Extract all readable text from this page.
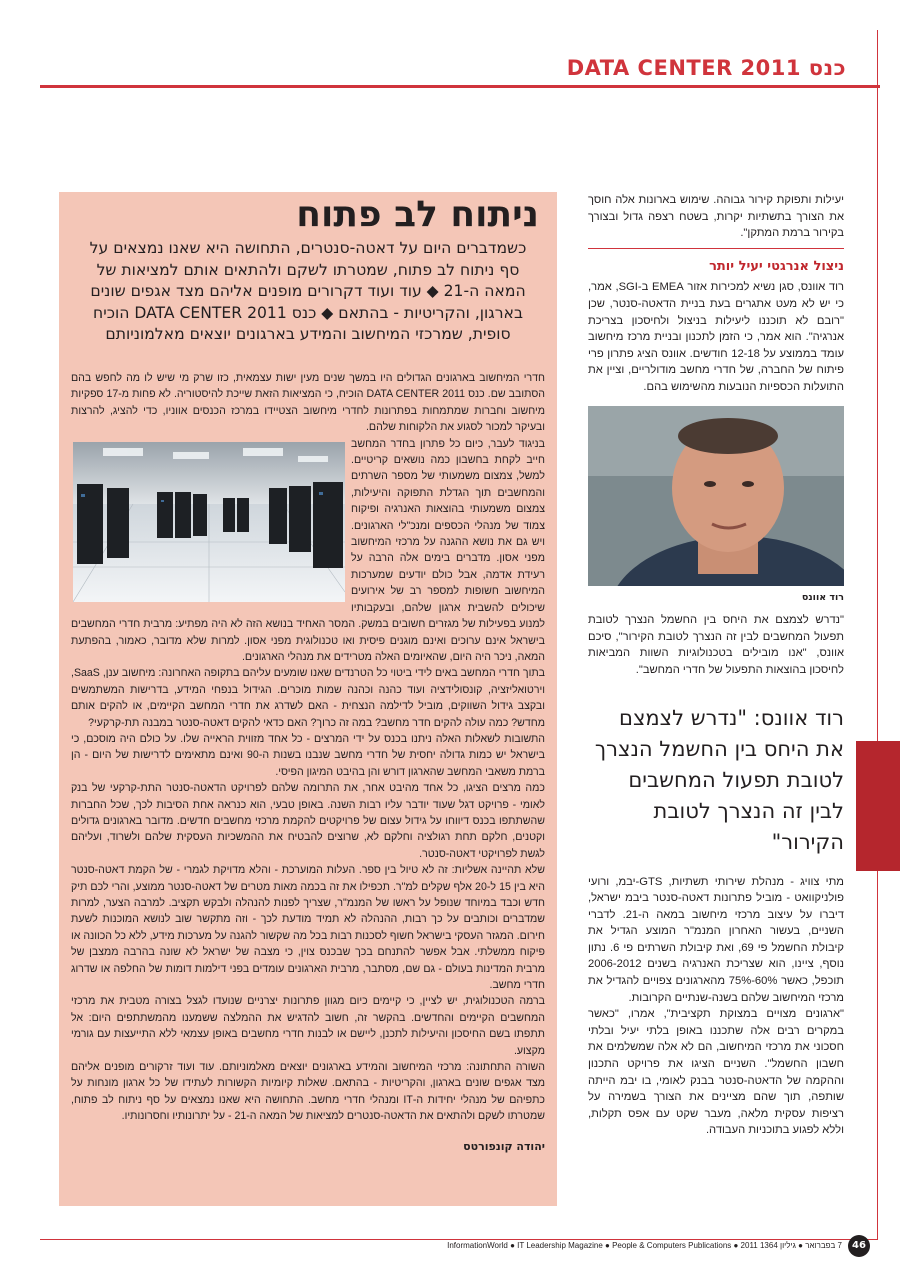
כנס DATA CENTER 2011
ניתוח לב פתוח
כשמדברים היום על דאטה-סנטרים, התחושה היא שאנו נמצאים על סף ניתוח לב פתוח, שמטרתו לשקם ולהתאים אותם למציאות של המאה ה-21 ◆ עוד ועוד דקרורים מופנים אליהם מצד אגפים שונים בארגון, והקריטיות - בהתאם ◆ כנס 2011 DATA CENTER הוכיח סופית, שמרכזי המיחשוב והמידע בארגונים יוצאים מאלמוניותם

חדרי המיחשוב בארגונים הגדולים היו במשך שנים מעין ישות עצמאית, כזו שרק מי שיש לו מה לחפש בהם הסתובב שם. כנס DATA CENTER 2011 הוכיח, כי המציאות הזאת שייכת להיסטוריה. לא פחות מ-17 ספקיות מיחשוב וחברות שמתמחות בפתרונות לחדרי מיחשוב הצטיידו במרכז הכנסים אווניו, כדי להציג, להרצות ובעיקר למכור לסגוע את הלקוחות שלהם.

בניגוד לעבר, כיום כל פתרון בחדר המחשב חייב לקחת בחשבון כמה נושאים קריטיים. למשל, צמצום משמעותי של מספר השרתים והמחשבים תוך הגדלת התפוקה והיעילות, צמצום משמעותי בהוצאות האנרגיה ופיקוח צמוד של מנהלי הכספים ומנכ"לי הארגונים. ויש גם את נושא ההגנה על מרכזי המיחשוב מפני אסון. מדברים בימים אלה הרבה על רעידת אדמה, אבל כולם יודעים שמערכות המיחשוב חשופות למספר רב של אירועים שיכולים להשבית ארגון שלהם, ובעקבותיו למנוע בפעילות של מגזרים חשובים במשק. המסר האחיד בנושא הזה לא היה מפתיע: מרבית חדרי המחשבים בישראל אינם ערוכים ואינם מוגנים פיסית ואו טכנולוגית מפני אסון. למרות שלא מדובר, כאמור, בהפתעת המאה, ניכר היה היום, שהאיומים האלה מטרידים את מנהלי הארגונים.

בתוך חדרי המחשב באים לידי ביטוי כל הטרנדים שאנו שומעים עליהם בתקופה האחרונה: מיחשוב ענן, SaaS, וירטואליזציה, קונסולידציה ועוד כהנה וכהנה שמות מוכרים. הגידול בנפחי המידע, בדרישות המשתמשים ובקצב גידול השווקים, מוביל לדילמה הנצחית - האם לשדרג את חדרי המחשב הקיימים, או להקים אותם מחדש? כמה עולה להקים חדר מחשב? במה זה כרוך? האם כדאי להקים דאטה-סנטר במבנה תת-קרקעי?

התשובות לשאלות האלה ניתנו בכנס על ידי המרצים - כל אחד מזווית הראייה שלו. על כולם היה מוסכם, כי בישראל יש כמות גדולה יחסית של חדרי מחשב שנבנו בשנות ה-90 ואינם מתאימים לדרישות של היום - הן ברמת משאבי המחשב שהארגון דורש והן בהיבט המיגון הפיסי.

כמה מרצים הציגו, כל אחד מהיבט אחר, את התרומה שלהם לפרויקט הדאטה-סנטר התת-קרקעי של בנק לאומי - פרויקט דגל שעוד יודבר עליו רבות השנה. באופן טבעי, הוא כנראה אחת הסיבות לכך, שכל החברות שהשתתפו בכנס דיווחו על גידול עצום של פרויקטים להקמת מרכזי מחשבים חדשים. מדובר בארגונים גדולים וקטנים, חלקם תחת רגולציה וחלקם לא, שרוצים להבטיח את ההמשכיות העסקית שלהם ולשרוד, ועליהם לגשת לפרויקטי דאטה-סנטר.

שלא תהיינה אשליות: זה לא טיול בין ספר. העלות המוערכת - והלא מדויקת לגמרי - של הקמת דאטה-סנטר היא בין 15 ל-20 אלף שקלים למ"ר. תכפילו את זה בכמה מאות מטרים של דאטה-סנטר ממוצע, והרי לכם תיק חדש וכבד במיוחד שנופל על ראשו של המנמ"ר, שצריך לפנות להנהלה ולבקש תקציב. למרבה הצער, למרות שמדברים וכותבים על כך רבות, ההנהלה לא תמיד מודעת לכך - וזה מתקשר שוב לנושא המוכנות לשעת חירום. המגזר העסקי בישראל חשוף לסכנות רבות בכל מה שקשור להגנה על מערכות מידע, ללא כל הכוונה או פיקוח ממשלתי. אבל אפשר להתנחם בכך שבכנס צוין, כי מצבה של ישראל לא שונה בהרבה ממצבן של מרבית המדינות בעולם - גם שם, מסתבר, מרבית הארגונים עומדים בפני דילמות דומות של החלפה או שדרוג חדרי מחשב.

ברמה הטכנולוגית, יש לציין, כי קיימים כיום מגוון פתרונות יצרניים שנועדו לגצל בצורה מטבית את מרכזי המחשבים הקיימים והחדשים. בהקשר זה, חשוב להדגיש את ההמלצה ששמענו מהמשתתפים היום: אל תתפתו בשם החיסכון והיעילות לתכנן, ליישם או לבנות חדרי מחשבים באופן עצמאי ללא התייעצות עם גורמי מקצוע.

השורה התחתונה: מרכזי המיחשוב והמידע בארגונים יוצאים מאלמוניותם. עוד ועוד זרקורים מופנים אליהם מצד אגפים שונים בארגון, והקריטיות - בהתאם. שאלות קיומיות הקשורות לעתידו של כל ארגון מונחות על כתפיהם של מנהלי יחידות ה-IT ומנהלי חדרי מחשב. התחושה היא שאנו נמצאים על סף ניתוח לב פתוח, שמטרתו לשקם ולהתאים את הדאטה-סנטרים למציאות של המאה ה-21 - על יתרונותיו וחסרונותיו.

יהודה קונפורטס

יעילות ותפוקת קירור גבוהה. שימוש בארונות אלה חוסך את הצורך בתשתיות יקרות, בשטח רצפה גדול ובצורך בקירור ברמת המתקן".

ניצול אנרגטי יעיל יותר

רוד אוונס, סגן נשיא למכירות אזור EMEA ב-SGI, אמר, כי יש לא מעט אתגרים בעת בניית הדאטה-סנטר, שכן "רובם לא תוכננו ליעילות בניצול ולחיסכון בצריכת אנרגיה". הוא אמר, כי הזמן לתכנון ובניית מרכז מיחשוב עומד בממוצע על 12-18 חודשים. אוונס הציג פתרון פרי פיתוח של החברה, של חדרי מחשב מודולריים, וציין את התועלות הכספיות הנובעות מהשימוש בהם.

רוד אוונס

"נדרש לצמצם את היחס בין החשמל הנצרך לטובת תפעול המחשבים לבין זה הנצרך לטובת הקירור", סיכם אוונס, "אנו מובילים בטכנולוגיות השוות המביאות לחיסכון בהוצאות התפעול של חדרי המחשב".

רוד אוונס: "נדרש לצמצם את היחס בין החשמל הנצרך לטובת תפעול המחשבים לבין זה הנצרך לטובת הקירור"

מתי צוויג - מנהלת שירותי תשתיות, GTS-יבמ, ורועי פולניקוואט - מוביל פתרונות דאטה-סנטר ביבמ ישראל, דיברו על עיצוב מרכזי מיחשוב במאה ה-21. לדברי השניים, בעשור האחרון המנמ"ר המוצע הגדיל את קיבולת החשמל פי 69, ואת קיבולת השרתים פי 6. נתון נוסף, ציינו, הוא שצריכת האנרגיה בשנים 2006-2012 תוכפל, כאשר 60%-75% מהארגונים צפויים להגדיל את מרכזי המיחשוב שלהם בשנה-שנתיים הקרובות.

"ארגונים מצויים במצוקת תקציבית", אמרו, "כאשר במקרים רבים אלה שתכננו באופן בלתי יעיל ובלתי חסכוני את מרכזי המיחשוב, הם לא אלה שמשלמים את חשבון החשמל". השניים הציגו את פרויקט התכנון וההקמה של הדאטה-סנטר בבנק לאומי, בו יבמ הייתה שותפה, תוך שהם מציינים את הצורך בשמירה על רציפות עסקית מלאה, מעבר שקט עם אפס תקלות, וללא לפגוע בתוכניות העבודה.

InformationWorld ● IT Leadership Magazine ● People & Computers Publications ● 2011 ‏7 בפברואר ● גיליון 1364	46
